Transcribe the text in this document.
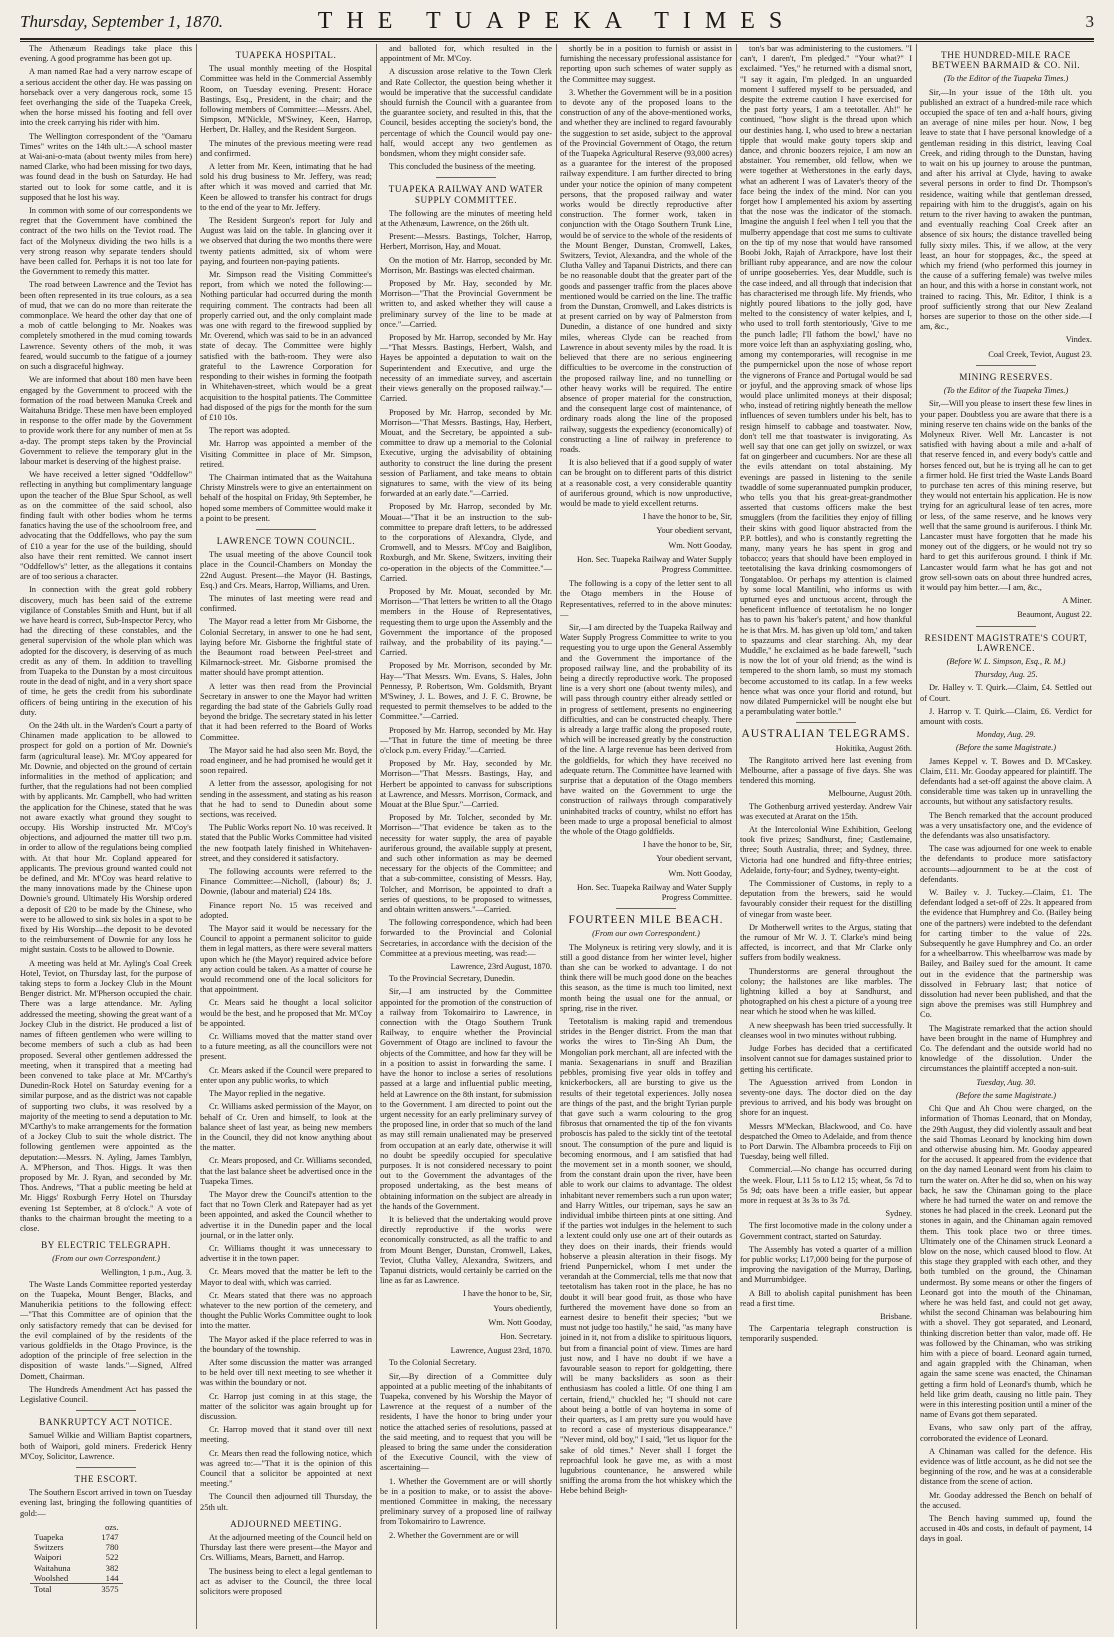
Thursday, September 1, 1870.	THE TUAPEKA TIMES	3

The Athenæum Readings take place this evening. A good programme has been got up.

A man named Rae had a very narrow escape of a serious accident the other day. He was passing on horseback over a very dangerous rock, some 15 feet overhanging the side of the Tuapeka Creek, when the horse missed his footing and fell over into the creek carrying his rider with him.

The Wellington correspondent of the "Oamaru Times" writes on the 14th ult.:—A school master at Wai-ani-o-mata (about twenty miles from here) named Clarke, who had been missing for two days, was found dead in the bush on Saturday. He had started out to look for some cattle, and it is supposed that he lost his way.

In common with some of our correspondents we regret that the Government have combined the contract of the two hills on the Teviot road. The fact of the Molyneux dividing the two hills is a very strong reason why separate tenders should have been called for. Perhaps it is not too late for the Government to remedy this matter.

The road between Lawrence and the Teviot has been often represented in its true colours, as a sea of mud, that we can do no more than reiterate the commonplace. We heard the other day that one of a mob of cattle belonging to Mr. Noakes was completely smothered in the mud coming towards Lawrence. Seventy others of the mob, it was feared, would succumb to the fatigue of a journey on such a disgraceful highway.

We are informed that about 180 men have been engaged by the Government to proceed with the formation of the road between Manuka Creek and Waitahuna Bridge. These men have been employed in response to the offer made by the Government to provide work there for any number of men at 5s a-day. The prompt steps taken by the Provincial Government to relieve the temporary glut in the labour market is deserving of the highest praise.

We have received a letter signed "Oddfellow" reflecting in anything but complimentary language upon the teacher of the Blue Spur School, as well as on the committee of the said school, also finding fault with other bodies whom he terms fanatics having the use of the schoolroom free, and advocating that the Oddfellows, who pay the sum of £10 a year for the use of the building, should also have their rent remitted. We cannot insert "Oddfellow's" letter, as the allegations it contains are of too serious a character.

In connection with the great gold robbery discovery, much has been said of the extreme vigilance of Constables Smith and Hunt, but if all we have heard is correct, Sub-Inspector Percy, who had the directing of these constables, and the general supervision of the whole plan which was adopted for the discovery, is deserving of as much credit as any of them. In addition to travelling from Tuapeka to the Dunstan by a most circuitous route in the dead of night, and in a very short space of time, he gets the credit from his subordinate officers of being untiring in the execution of his duty.

On the 24th ult. in the Warden's Court a party of Chinamen made application to be allowed to prospect for gold on a portion of Mr. Downie's farm (agricultural lease). Mr. M'Coy appeared for Mr. Downie, and objected on the ground of certain informalities in the method of application; and further, that the regulations had not been complied with by applicants. Mr. Campbell, who had written the application for the Chinese, stated that he was not aware exactly what ground they sought to occupy. His Worship instructed Mr. M'Coy's objections, and adjourned the matter till two p.m. in order to allow of the regulations being complied with. At that hour Mr. Copland appeared for applicants. The previous ground wanted could not be defined, and Mr. M'Coy was heard relative to the many innovations made by the Chinese upon Downie's ground. Ultimately His Worship ordered a deposit of £20 to be made by the Chinese, who were to be allowed to sink six holes in a spot to be fixed by His Worship—the deposit to be devoted to the reimbursement of Downie for any loss he might sustain. Costs to be allowed to Downie.

A meeting was held at Mr. Ayling's Coal Creek Hotel, Teviot, on Thursday last, for the purpose of taking steps to form a Jockey Club in the Mount Benger district. Mr. M'Pherson occupied the chair. There was a large attendance. Mr. Ayling addressed the meeting, showing the great want of a Jockey Club in the district. He produced a list of names of fifteen gentlemen who were willing to become members of such a club as had been proposed. Several other gentlemen addressed the meeting, when it transpired that a meeting had been convened to take place at Mr. M'Carthy's Dunedin-Rock Hotel on Saturday evening for a similar purpose, and as the district was not capable of supporting two clubs, it was resolved by a majority of the meeting to send a deputation to Mr. M'Carthy's to make arrangements for the formation of a Jockey Club to suit the whole district. The following gentlemen were appointed as the deputation:—Messrs. N. Ayling, James Tamblyn, A. M'Pherson, and Thos. Higgs. It was then proposed by Mr. J. Ryan, and seconded by Mr. Thos. Andrews, "That a public meeting be held at Mr. Higgs' Roxburgh Ferry Hotel on Thursday evening 1st September, at 8 o'clock." A vote of thanks to the chairman brought the meeting to a close.

BY ELECTRIC TELEGRAPH.

(From our own Correspondent.)

Wellington, 1 p.m., Aug. 3.

The Waste Lands Committee reported yesterday on the Tuapeka, Mount Benger, Blacks, and Manuherikia petitions to the following effect:—"That this Committee are of opinion that the only satisfactory remedy that can be devised for the evil complained of by the residents of the various goldfields in the Otago Province, is the adoption of the principle of free selection in the disposition of waste lands."—Signed, Alfred Domett, Chairman.

The Hundreds Amendment Act has passed the Legislative Council.

BANKRUPTCY ACT NOTICE.

Samuel Wilkie and William Baptist copartners, both of Waipori, gold miners. Frederick Henry M'Coy, Solicitor, Lawrence.

THE ESCORT.

The Southern Escort arrived in town on Tuesday evening last, bringing the following quantities of gold:—

	ozs.
Tuapeka	1747
Switzers	780
Waipori	522
Waitahuna	382
Woolshed	144
Total	3575
TUAPEKA HOSPITAL.

The usual monthly meeting of the Hospital Committee was held in the Commercial Assembly Room, on Tuesday evening. Present: Horace Bastings, Esq., President, in the chair; and the following members of Committee:—Messrs. Abel, Simpson, M'Nickle, M'Swiney, Keen, Harrop, Herbert, Dr. Halley, and the Resident Surgeon.

The minutes of the previous meeting were read and confirmed.

A letter from Mr. Keen, intimating that he had sold his drug business to Mr. Jeffery, was read; after which it was moved and carried that Mr. Keen be allowed to transfer his contract for drugs to the end of the year to Mr. Jeffery.

The Resident Surgeon's report for July and August was laid on the table. In glancing over it we observed that during the two months there were twenty patients admitted, six of whom were paying, and fourteen non-paying patients.

Mr. Simpson read the Visiting Committee's report, from which we noted the following:—Nothing particular had occurred during the month requiring comment. The contracts had been all properly carried out, and the only complaint made was one with regard to the firewood supplied by Mr. Overend, which was said to be in an advanced state of decay. The Committee were highly satisfied with the bath-room. They were also grateful to the Lawrence Corporation for responding to their wishes in forming the footpath in Whitehaven-street, which would be a great acquisition to the hospital patients. The Committee had disposed of the pigs for the month for the sum of £10 10s.

The report was adopted.

Mr. Harrop was appointed a member of the Visiting Committee in place of Mr. Simpson, retired.

The Chairman intimated that as the Waitahuna Christy Minstrels were to give an entertainment on behalf of the hospital on Friday, 9th September, he hoped some members of Committee would make it a point to be present.

LAWRENCE TOWN COUNCIL.

The usual meeting of the above Council took place in the Council-Chambers on Monday the 22nd August. Present—the Mayor (H. Bastings, Esq.) and Crs. Mears, Harrop, Williams, and Uren.

The minutes of last meeting were read and confirmed.

The Mayor read a letter from Mr Gisborne, the Colonial Secretary, in answer to one he had sent, laying before Mr. Gisborne the frightful state of the Beaumont road between Peel-street and Kilmarnock-street. Mr. Gisborne promised the matter should have prompt attention.

A letter was then read from the Provincial Secretary in answer to one the Mayor had written regarding the bad state of the Gabriels Gully road beyond the bridge. The secretary stated in his letter that it had been referred to the Board of Works Committee.

The Mayor said he had also seen Mr. Boyd, the road engineer, and he had promised he would get it soon repaired.

A letter from the assessor, apologising for not sending in the assessment, and stating as his reason that he had to send to Dunedin about some sections, was received.

The Public Works report No. 10 was received. It stated that the Public Works Committee had visited the new footpath lately finished in Whitehaven-street, and they considered it satisfactory.

The following accounts were referred to the Finance Committee:—Nicholl, (labour) 8s; J. Downie, (labour and material) £24 18s.

Finance report No. 15 was received and adopted.

The Mayor said it would be necessary for the Council to appoint a permanent solicitor to guide them in legal matters, as there were several matters upon which he (the Mayor) required advice before any action could be taken. As a matter of course he would recommend one of the local solicitors for that appointment.

Cr. Mears said he thought a local solicitor would be the best, and he proposed that Mr. M'Coy be appointed.

Cr. Williams moved that the matter stand over to a future meeting, as all the councillors were not present.

Cr. Mears asked if the Council were prepared to enter upon any public works, to which

The Mayor replied in the negative.

Cr. Williams asked permission of the Mayor, on behalf of Cr. Uren and himself, to look at the balance sheet of last year, as being new members in the Council, they did not know anything about the matter.

Cr. Mears proposed, and Cr. Williams seconded, that the last balance sheet be advertised once in the Tuapeka Times.

The Mayor drew the Council's attention to the fact that no Town Clerk and Ratepayer had as yet been appointed, and asked the Council whether to advertise it in the Dunedin paper and the local journal, or in the latter only.

Cr. Williams thought it was unnecessary to advertise it in the town paper.

Cr. Mears moved that the matter be left to the Mayor to deal with, which was carried.

Cr. Mears stated that there was no approach whatever to the new portion of the cemetery, and thought the Public Works Committee ought to look into the matter.

The Mayor asked if the place referred to was in the boundary of the township.

After some discussion the matter was arranged to be held over till next meeting to see whether it was within the boundary or not.

Cr. Harrop just coming in at this stage, the matter of the solicitor was again brought up for discussion.

Cr. Harrop moved that it stand over till next meeting.

Cr. Mears then read the following notice, which was agreed to:—"That it is the opinion of this Council that a solicitor be appointed at next meeting."

The Council then adjourned till Thursday, the 25th ult.

ADJOURNED MEETING.

At the adjourned meeting of the Council held on Thursday last there were present—the Mayor and Crs. Williams, Mears, Barnett, and Harrop.

The business being to elect a legal gentleman to act as adviser to the Council, the three local solicitors were proposed

and balloted for, which resulted in the appointment of Mr. M'Coy.

A discussion arose relative to the Town Clerk and Rate Collector, the question being whether it would be imperative that the successful candidate should furnish the Council with a guarantee from the guarantee society, and resulted in this, that the Council, besides accepting the society's bond, the percentage of which the Council would pay one-half, would accept any two gentlemen as bondsmen, whom they might consider safe.

This concluded the business of the meeting.

TUAPEKA RAILWAY AND WATER SUPPLY COMMITTEE.

The following are the minutes of meeting held at the Athenæum, Lawrence, on the 26th ult.

Present:—Messrs. Bastings, Tolcher, Harrop, Herbert, Morrison, Hay, and Mouat.

On the motion of Mr. Harrop, seconded by Mr. Morrison, Mr. Bastings was elected chairman.

Proposed by Mr. Hay, seconded by Mr. Morrison—"That the Provincial Government be written to, and asked whether they will cause a preliminary survey of the line to be made at once."—Carried.

Proposed by Mr. Harrop, seconded by Mr. Hay—"That Messrs. Bastings, Herbert, Walsh, and Hayes be appointed a deputation to wait on the Superintendent and Executive, and urge the necessity of an immediate survey, and ascertain their views generally on the proposed railway."—Carried.

Proposed by Mr. Harrop, seconded by Mr. Morrison—"That Messrs. Bastings, Hay, Herbert, Mouat, and the Secretary, be appointed a sub-committee to draw up a memorial to the Colonial Executive, urging the advisability of obtaining authority to construct the line during the present session of Parliament, and take means to obtain signatures to same, with the view of its being forwarded at an early date."—Carried.

Proposed by Mr. Harrop, seconded by Mr. Mouat—"That it be an instruction to the sub-committee to prepare draft letters, to be addressed to the corporations of Alexandra, Clyde, and Cromwell, and to Messrs. M'Coy and Baiglibon, Roxburgh, and Mr. Skene, Switzers, inviting their co-operation in the objects of the Committee."—Carried.

Proposed by Mr. Mouat, seconded by Mr. Morrison—"That letters be written to all the Otago members in the House of Representatives, requesting them to urge upon the Assembly and the Government the importance of the proposed railway, and the probability of its paying."—Carried.

Proposed by Mr. Morrison, seconded by Mr. Hay—"That Messrs. Wm. Evans, S. Hales, John Pennessy, P. Robertson, Wm. Goldsmith, Bryant M'Swiney, J. L. Bowes, and J. F. C. Browne, be requested to permit themselves to be added to the Committee."—Carried.

Proposed by Mr. Harrop, seconded by Mr. Hay—"That in future the time of meeting be three o'clock p.m. every Friday."—Carried.

Proposed by Mr. Hay, seconded by Mr. Morrison—"That Messrs. Bastings, Hay, and Herbert be appointed to canvass for subscriptions at Lawrence, and Messrs. Morrison, Cormack, and Mouat at the Blue Spur."—Carried.

Proposed by Mr. Tolcher, seconded by Mr. Morrison—"That evidence be taken as to the necessity for water supply, the area of payable auriferous ground, the available supply at present, and such other information as may be deemed necessary for the objects of the Committee; and that a sub-committee, consisting of Messrs. Hay, Tolcher, and Morrison, be appointed to draft a series of questions, to be proposed to witnesses, and obtain written answers."—Carried.

The following correspondence, which had been forwarded to the Provincial and Colonial Secretaries, in accordance with the decision of the Committee at a previous meeting, was read:—

Lawrence, 23rd August, 1870.

To the Provincial Secretary, Dunedin.

Sir,—I am instructed by the Committee appointed for the promotion of the construction of a railway from Tokomairiro to Lawrence, in connection with the Otago Southern Trunk Railway, to enquire whether the Provincial Government of Otago are inclined to favour the objects of the Committee, and how far they will be in a position to assist in forwarding the same. I have the honor to inclose a series of resolutions passed at a large and influential public meeting, held at Lawrence on the 8th instant, for submission to the Government. I am directed to point out the urgent necessity for an early preliminary survey of the proposed line, in order that so much of the land as may still remain unalienated may be preserved from occupation at an early date, otherwise it will no doubt be speedily occupied for speculative purposes. It is not considered necessary to point out to the Government the advantages of the proposed undertaking, as the best means of obtaining information on the subject are already in the hands of the Government.

It is believed that the undertaking would prove directly reproductive if the works were economically constructed, as all the traffic to and from Mount Benger, Dunstan, Cromwell, Lakes, Teviot, Clutha Valley, Alexandra, Switzers, and Tapanui districts, would certainly be carried on the line as far as Lawrence.

I have the honor to be, Sir,

Yours obediently,

Wm. Nott Gooday,

Hon. Secretary.

Lawrence, August 23rd, 1870.

To the Colonial Secretary.

Sir,—By direction of a Committee duly appointed at a public meeting of the inhabitants of Tuapeka, convened by his Worship the Mayor of Lawrence at the request of a number of the residents, I have the honor to bring under your notice the attached series of resolutions, passed at the said meeting, and to request that you will be pleased to bring the same under the consideration of the Executive Council, with the view of ascertaining—

1. Whether the Government are or will shortly be in a position to make, or to assist the above-mentioned Committee in making, the necessary preliminary survey of a proposed line of railway from Tokomairiro to Lawrence.

2. Whether the Government are or will

shortly be in a position to furnish or assist in furnishing the necessary professional assistance for reporting upon such schemes of water supply as the Committee may suggest.

3. Whether the Government will be in a position to devote any of the proposed loans to the construction of any of the above-mentioned works, and whether they are inclined to regard favourably the suggestion to set aside, subject to the approval of the Provincial Government of Otago, the return of the Tuapeka Agricultural Reserve (93,000 acres) as a guarantee for the interest of the proposed railway expenditure. I am further directed to bring under your notice the opinion of many competent persons, that the proposed railway and water works would be directly reproductive after construction. The former work, taken in conjunction with the Otago Southern Trunk Line, would be of service to the whole of the residents of the Mount Benger, Dunstan, Cromwell, Lakes, Switzers, Teviot, Alexandra, and the whole of the Clutha Valley and Tapanui Districts, and there can be no reasonable doubt that the greater part of the goods and passenger traffic from the places above mentioned would be carried on the line. The traffic from the Dunstan, Cromwell, and Lakes districts is at present carried on by way of Palmerston from Dunedin, a distance of one hundred and sixty miles, whereas Clyde can be reached from Lawrence in about seventy miles by the road. It is believed that there are no serious engineering difficulties to be overcome in the construction of the proposed railway line, and no tunnelling or other heavy works will be required. The entire absence of proper material for the construction, and the consequent large cost of maintenance, of ordinary roads along the line of the proposed railway, suggests the expediency (economically) of constructing a line of railway in preference to roads.

It is also believed that if a good supply of water can be brought on to different parts of this district at a reasonable cost, a very considerable quantity of auriferous ground, which is now unproductive, would be made to yield excellent returns.

I have the honor to be, Sir,

Your obedient servant,

Wm. Nott Gooday,

Hon. Sec. Tuapeka Railway and Water Supply Progress Committee.

The following is a copy of the letter sent to all the Otago members in the House of Representatives, referred to in the above minutes:—

Sir,—I am directed by the Tuapeka Railway and Water Supply Progress Committee to write to you requesting you to urge upon the General Assembly and the Government the importance of the proposed railway line, and the probability of its being a directly reproductive work. The proposed line is a very short one (about twenty miles), and will pass through country either already settled or in progress of settlement, presents no engineering difficulties, and can be constructed cheaply. There is already a large traffic along the proposed route, which will be increased greatly by the construction of the line. A large revenue has been derived from the goldfields, for which they have received no adequate return. The Committee have learned with surprise that a deputation of the Otago members have waited on the Government to urge the construction of railways through comparatively uninhabited tracks of country, whilst no effort has been made to urge a proposal beneficial to almost the whole of the Otago goldfields.

I have the honor to be, Sir,

Your obedient servant,

Wm. Nott Gooday,

Hon. Sec. Tuapeka Railway and Water Supply Progress Committee.

FOURTEEN MILE BEACH.

(From our own Correspondent.)

The Molyneux is retiring very slowly, and it is still a good distance from her winter level, higher than she can be worked to advantage. I do not think there will be much good done on the beaches this season, as the time is much too limited, next month being the usual one for the annual, or spring, rise in the river.

Teetotalism is making rapid and tremendous strides in the Benger district. From the man that works the wires to Tin-Sing Ah Dum, the Mongolian pork merchant, all are infected with the mania. Sexagenarians in snuff and Brazilian pebbles, promising five year olds in toffey and knickerbockers, all are bursting to give us the results of their tegetotal experiences. Jolly nosea are things of the past, and the bright Tyrian purple that gave such a warm colouring to the grog fibrosus that ornamented the tip of the fon vivants proboscis has paled to the sickly tint of the teetotal snout. The consumption of the pure and liquid is becoming enormous, and I am satisfied that had the movement set in a month sooner, we should, from the constant drain upon the river, have been able to work our claims to advantage. The oldest inhabitant never remembers such a run upon water; and Harry Wittles, our tripeman, says he saw an individual imbibe thirteen pints at one sitting. And if the parties wot indulges in the helement to such a lextent could only use one art of their outards as they does on their inards, their friends would hobserve a pleasin alteration in their fisogs. My friend Punpernickel, whom I met under the verandah at the Commercial, tells me that now that teetotalism has taken root in the place, he has no doubt it will bear good fruit, as those who have furthered the movement have done so from an earnest desire to benefit their species; "but we must not judge too hastily," he said, "as many have joined in it, not from a dislike to spirituous liquors, but from a financial point of view. Times are hard just now, and I have no doubt if we have a favourable season to report for goldgetting, there will be many backsliders as soon as their enthusiasm has cooled a little. Of one thing I am certain, friend," chuckled he; "I should not care about being a bottle of van hoytema in some of their quarters, as I am pretty sure you would have to record a case of mysterious disappearance." "Never mind, old boy," I said, "let us liquor for the sake of old times." Never shall I forget the reproachful look he gave me, as with a most lugubrious countenance, he answered while sniffing the aroma from the hot whiskey which the Hebe behind Beigh-

ton's bar was administering to the customers. "I can't, I daren't, I'm pledged." "Your what?" I exclaimed. "Yes," he returned with a dismal snort, "I say it again, I'm pledged. In an unguarded moment I suffered myself to be persuaded, and despite the extreme caution I have exercised for the past forty years, I am a teetotaller. Ah!" he continued, "how slight is the thread upon which our destinies hang. I, who used to brew a nectarian tipple that would make gouty topers skip and dance, and chronic boozers rejoice, I am now an abstainer. You remember, old fellow, when we were together at Wetherstones in the early days, what an adherent I was of Lavater's theory of the face being the index of the mind. Nor can you forget how I amplemented his axiom by asserting that the nose was the indicator of the stomach. Imagine the anguish I feel when I tell you that the mulberry appendage that cost me sums to cultivate on the tip of my nose that would have ransomed Boobi Jokh, Rajah of Arrackpore, have lost their brilliant ruby appearance, and are now the colour of unripe gooseberries. Yes, dear Muddle, such is the case indeed, and all through that indecision that has characterised me through life. My friends, who nightly poured libations to the jolly god, have melted to the consistency of water kelpies, and I, who used to troll forth stentoriously, 'Give to me the punch ladle; I'll fathom the bowl,' have no more voice left than an asphyxiating gosling, who, among my contemporaries, will recognise in me the pumpernickel upon the nose of whose report the vignerons of France and Portugal would be sad or joyful, and the approving smack of whose lips would place unlimited moneys at their disposal; who, instead of retiring nightly beneath the mellow influences of seven tumblers under his belt, has to resign himself to cabbage and toastwater. Now, don't tell me that toastwater is invigorating. As well say that one can get jolly on swizzel, or wax fat on gingerbeer and cucumbers. Nor are these all the evils attendant on total abstaining. My evenings are passed in listening to the senile twaddle of some superannuated pumpkin producer, who tells you that his great-great-grandmother asserted that customs officers make the best smugglers (from the facilities they enjoy of filling their skins with good liquor abstracted from the P.P. bottles), and who is constantly regretting the many, many years he has spent in grog and tobacco; years that should have been employed in teetotalising the kava drinking cosmomongers of Tongatabloo. Or perhaps my attention is claimed by some local Mantilini, who informs us with upturned eyes and unctuous accent, through the beneficent influence of teetotalism he no longer has to pawn his 'baker's patent,' and how thankful he is that Mrs. M. has given up 'old tom,' and taken to spazzums and clear starching. Ah, my dear Muddle," he exclaimed as he bade farewell, "such is now the lot of your old friend; as the wind is tempered to the shorn lamb, so must my stomach become accustomed to its catlap. In a few weeks hence what was once your florid and rotund, but now dilated Pumpernickel will be nought else but a perambulating water bottle."

AUSTRALIAN TELEGRAMS.

Hokitika, August 26th.

The Rangitoto arrived here last evening from Melbourne, after a passage of five days. She was tendered this morning.

Melbourne, August 20th.

The Gothenburg arrived yesterday. Andrew Vair was executed at Ararat on the 15th.

At the Intercolonial Wine Exhibition, Geelong took five prizes; Sandhurst, fine; Castlemaine, three; South Australia, three; and Sydney, three. Victoria had one hundred and fifty-three entries; Adelaide, forty-four; and Sydney, twenty-eight.

The Commissioner of Customs, in reply to a deputation from the brewers, said he would favourably consider their request for the distilling of vinegar from waste beer.

Dr Motherwell writes to the Argus, stating that the rumour of Mr W. J. T. Clarke's mind being affected, is incorrect, and that Mr Clarke only suffers from bodily weakness.

Thunderstorms are general throughout the colony; the hailstones are like marbles. The lightning killed a boy at Sandhurst, and photographed on his chest a picture of a young tree near which he stood when he was killed.

A new sheepwash has been tried successfully. It cleanses wool in two minutes without rubbing.

Judge Forbes has decided that a certificated insolvent cannot sue for damages sustained prior to getting his certificate.

The Aguesstion arrived from London in seventy-one days. The doctor died on the day previous to arrived, and his body was brought on shore for an inquest.

Messrs M'Meckan, Blackwood, and Co. have despatched the Omeo to Adelaide, and from thence to Port Darwin. The Albambra proceeds to Fiji on Tuesday, being well filled.

Commercial.—No change has occurred during the week. Flour, L11 5s to L12 15; wheat, 5s 7d to 5s 9d; oats have been a trifle easier, but appear more in request at 3s 3s to 3s 7d.

Sydney.

The first locomotive made in the colony under a Government contract, started on Saturday.

The Assembly has voted a quarter of a million for public works; L17,000 being for the purpose of improving the navigation of the Murray, Darling, and Murrumbidgee.

A Bill to abolish capital punishment has been read a first time.

Brisbane.

The Carpentaria telegraph construction is temporarily suspended.

THE HUNDRED-MILE RACE BETWEEN BARMAID & CO. Nil.

(To the Editor of the Tuapeka Times.)

Sir,—In your issue of the 18th ult. you published an extract of a hundred-mile race which occupied the space of ten and a-half hours, giving an average of nine miles per hour. Now, I beg leave to state that I have personal knowledge of a gentleman residing in this district, leaving Coal Creek, and riding through to the Dunstan, having to wait on his up journey to arouse the puntman, and after his arrival at Clyde, having to awake several persons in order to find Dr. Thompson's residence, waiting while that gentleman dressed, repairing with him to the druggist's, again on his return to the river having to awaken the puntman, and eventually reaching Coal Creek after an absence of six hours; the distance travelled being fully sixty miles. This, if we allow, at the very least, an hour for stoppages, &c., the speed at which my friend (who performed this journey in the cause of a suffering female) was twelve miles an hour, and this with a horse in constant work, not trained to racing. This, Mr. Editor, I think is a proof sufficiently strong that our New Zealand horses are superior to those on the other side.—I am, &c.,

Vindex.

Coal Creek, Teviot, August 23.

MINING RESERVES.

(To the Editor of the Tuapeka Times.)

Sir,—Will you please to insert these few lines in your paper. Doubtless you are aware that there is a mining reserve ten chains wide on the banks of the Molyneux River. Well Mr. Lancaster is not satisfied with having about a mile and a-half of that reserve fenced in, and every body's cattle and horses fenced out, but he is trying all he can to get a firmer hold. He first tried the Waste Lands Board to purchase ten acres of this mining reserve, but they would not entertain his application. He is now trying for an agricultural lease of ten acres, more or less, of the same reserve, and he knows very well that the same ground is auriferous. I think Mr. Lancaster must have forgotten that he made his money out of the diggers, or he would not try so hard to get this auriferous ground. I think if Mr. Lancaster would farm what he has got and not grow sell-sown oats on about three hundred acres, it would pay him better.—I am, &c.,

A Miner.

Beaumont, August 22.

RESIDENT MAGISTRATE'S COURT, LAWRENCE.

(Before W. L. Simpson, Esq., R. M.)

Thursday, Aug. 25.

Dr. Halley v. T. Quirk.—Claim, £4. Settled out of Court.

J. Harrop v. T. Quirk.—Claim, £6. Verdict for amount with costs.

Monday, Aug. 29.

(Before the same Magistrate.)

James Keppel v. T. Bowes and D. M'Caskey. Claim, £11. Mr. Gooday appeared for plaintiff. The defendants had a set-off against the above claim. A considerable time was taken up in unravelling the accounts, but without any satisfactory results.

The Bench remarked that the account produced was a very unsatisfactory one, and the evidence of the defendants was also unsatisfactory.

The case was adjourned for one week to enable the defendants to produce more satisfactory accounts—adjournment to be at the cost of defendants.

W. Bailey v. J. Tuckey.—Claim, £1. The defendant lodged a set-off of 22s. It appeared from the evidence that Humphrey and Co. (Bailey being one of the partners) were indebted to the defendant for carting timber to the value of 22s. Subsequently he gave Humphrey and Co. an order for a wheelbarrow. This wheelbarrow was made by Bailey, and Bailey sued for the amount. It came out in the evidence that the partnership was dissolved in February last; that notice of dissolution had never been published, and that the sign above the premises was still Humphrey and Co.

The Magistrate remarked that the action should have been brought in the name of Humphrey and Co. The defendant and the outside world had no knowledge of the dissolution. Under the circumstances the plaintiff accepted a non-suit.

Tuesday, Aug. 30.

(Before the same Magistrate.)

Chi Que and Ah Chou were charged, on the information of Thomas Leonard, that on Monday, the 29th August, they did violently assault and beat the said Thomas Leonard by knocking him down and otherwise abusing him. Mr. Gooday appeared for the accused. It appeared from the evidence that on the day named Leonard went from his claim to turn the water on. After he did so, when on his way back, he saw the Chinaman going to the place where he had turned the water on and remove the stones he had placed in the creek. Leonard put the stones in again, and the Chinaman again removed them. This took place two or three times. Ultimately one of the Chinamen struck Leonard a blow on the nose, which caused blood to flow. At this stage they grappled with each other, and they both tumbled on the ground, the Chinaman undermost. By some means or other the fingers of Leonard got into the mouth of the Chinaman, where he was held fast, and could not get away, whilst the second Chinaman was belabouring him with a shovel. They got separated, and Leonard, thinking discretion better than valor, made off. He was followed by the Chinaman, who was striking him with a piece of board. Leonard again turned, and again grappled with the Chinaman, when again the same scene was enacted, the Chinaman getting a firm hold of Leonard's thumb, which he held like grim death, causing no little pain. They were in this interesting position until a miner of the name of Evans got them separated.

Evans, who saw only part of the affray, corroborated the evidence of Leonard.

A Chinaman was called for the defence. His evidence was of little account, as he did not see the beginning of the row, and he was at a considerable distance from the scene of action.

Mr. Gooday addressed the Bench on behalf of the accused.

The Bench having summed up, found the accused in 40s and costs, in default of payment, 14 days in goal.
